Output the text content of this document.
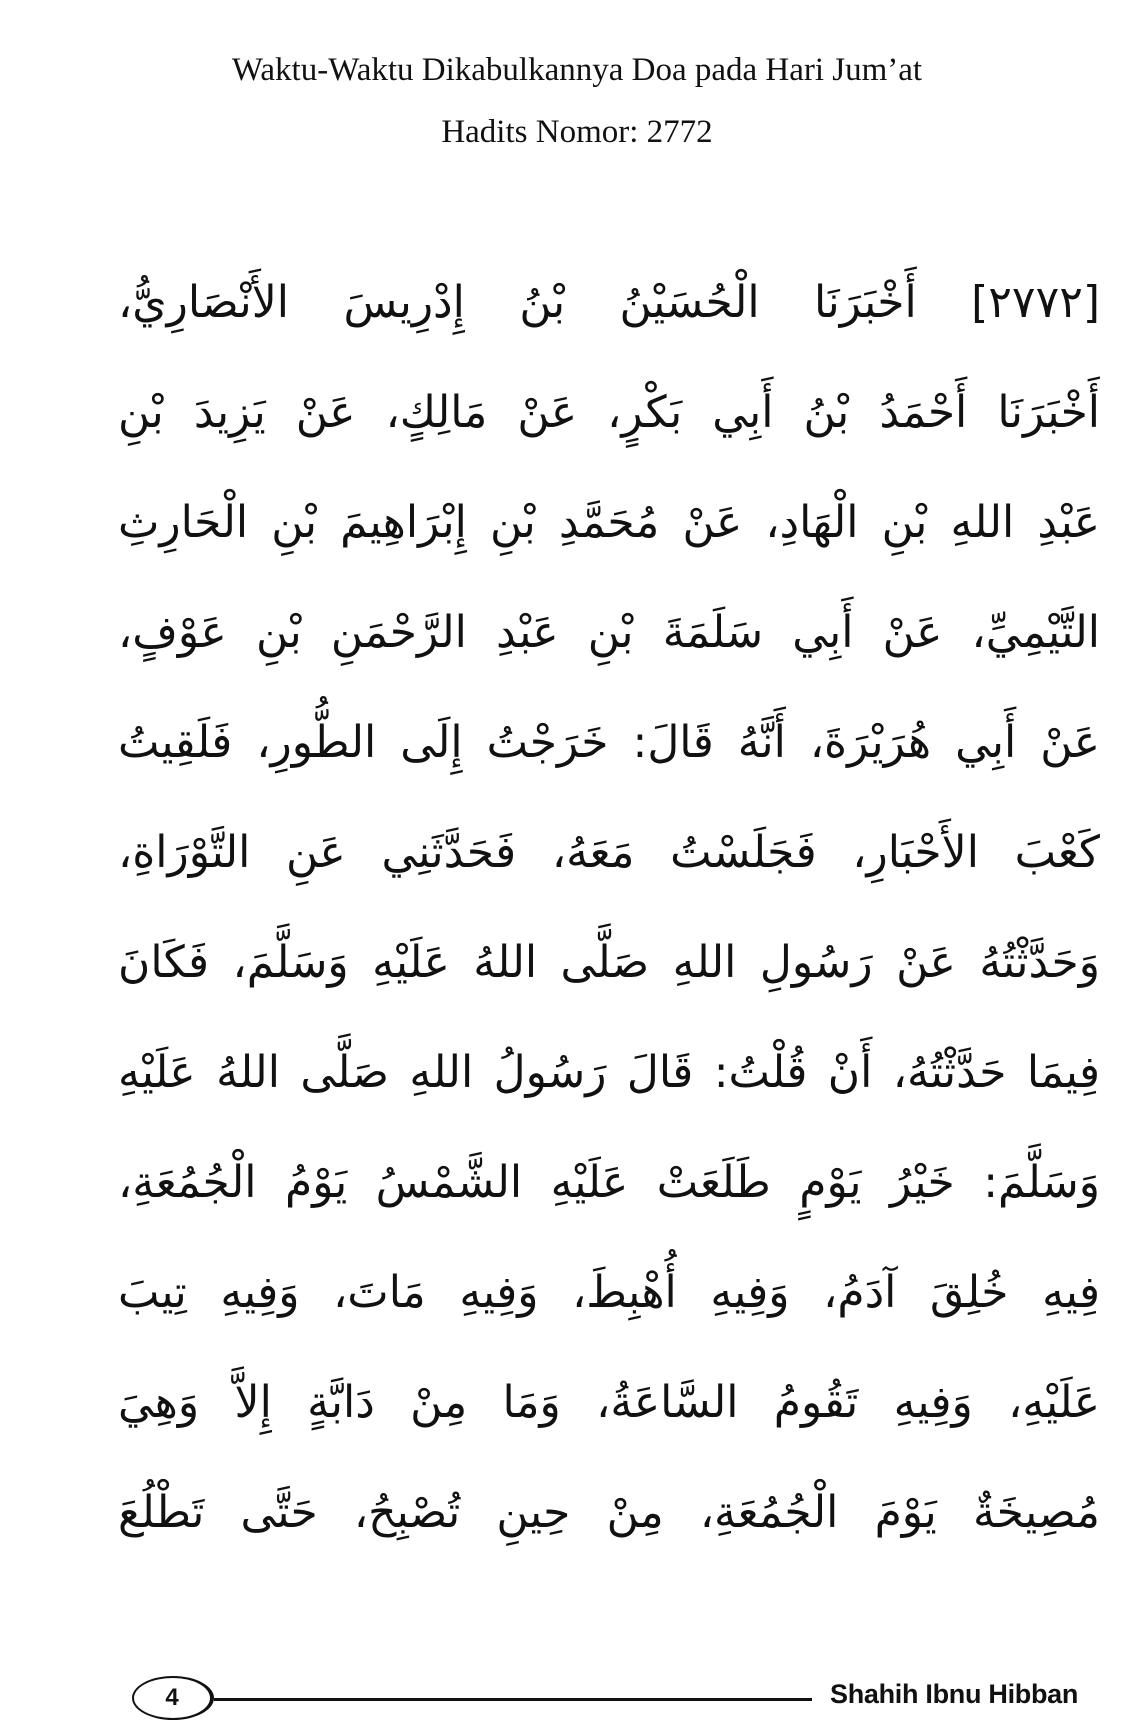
Waktu-Waktu Dikabulkannya Doa pada Hari Jum’at
Hadits Nomor: 2772
[٢٧٧٢] أَخْبَرَنَا الْحُسَيْنُ بْنُ إِدْرِيسَ الأَنْصَارِيُّ،
أَخْبَرَنَا أَحْمَدُ بْنُ أَبِي بَكْرٍ، عَنْ مَالِكٍ، عَنْ يَزِيدَ بْنِ
عَبْدِ اللهِ بْنِ الْهَادِ، عَنْ مُحَمَّدِ بْنِ إِبْرَاهِيمَ بْنِ الْحَارِثِ
التَّيْمِيِّ، عَنْ أَبِي سَلَمَةَ بْنِ عَبْدِ الرَّحْمَنِ بْنِ عَوْفٍ،
عَنْ أَبِي هُرَيْرَةَ، أَنَّهُ قَالَ: خَرَجْتُ إِلَى الطُّورِ، فَلَقِيتُ
كَعْبَ الأَحْبَارِ، فَجَلَسْتُ مَعَهُ، فَحَدَّثَنِي عَنِ التَّوْرَاةِ،
وَحَدَّثْتُهُ عَنْ رَسُولِ اللهِ صَلَّى اللهُ عَلَيْهِ وَسَلَّمَ، فَكَانَ
فِيمَا حَدَّثْتُهُ، أَنْ قُلْتُ: قَالَ رَسُولُ اللهِ صَلَّى اللهُ عَلَيْهِ
وَسَلَّمَ: خَيْرُ يَوْمٍ طَلَعَتْ عَلَيْهِ الشَّمْسُ يَوْمُ الْجُمُعَةِ،
فِيهِ خُلِقَ آدَمُ، وَفِيهِ أُهْبِطَ، وَفِيهِ مَاتَ، وَفِيهِ تِيبَ
عَلَيْهِ، وَفِيهِ تَقُومُ السَّاعَةُ، وَمَا مِنْ دَابَّةٍ إِلاَّ وَهِيَ
مُصِيخَةٌ يَوْمَ الْجُمُعَةِ، مِنْ حِينِ تُصْبِحُ، حَتَّى تَطْلُعَ
4	Shahih Ibnu Hibban
